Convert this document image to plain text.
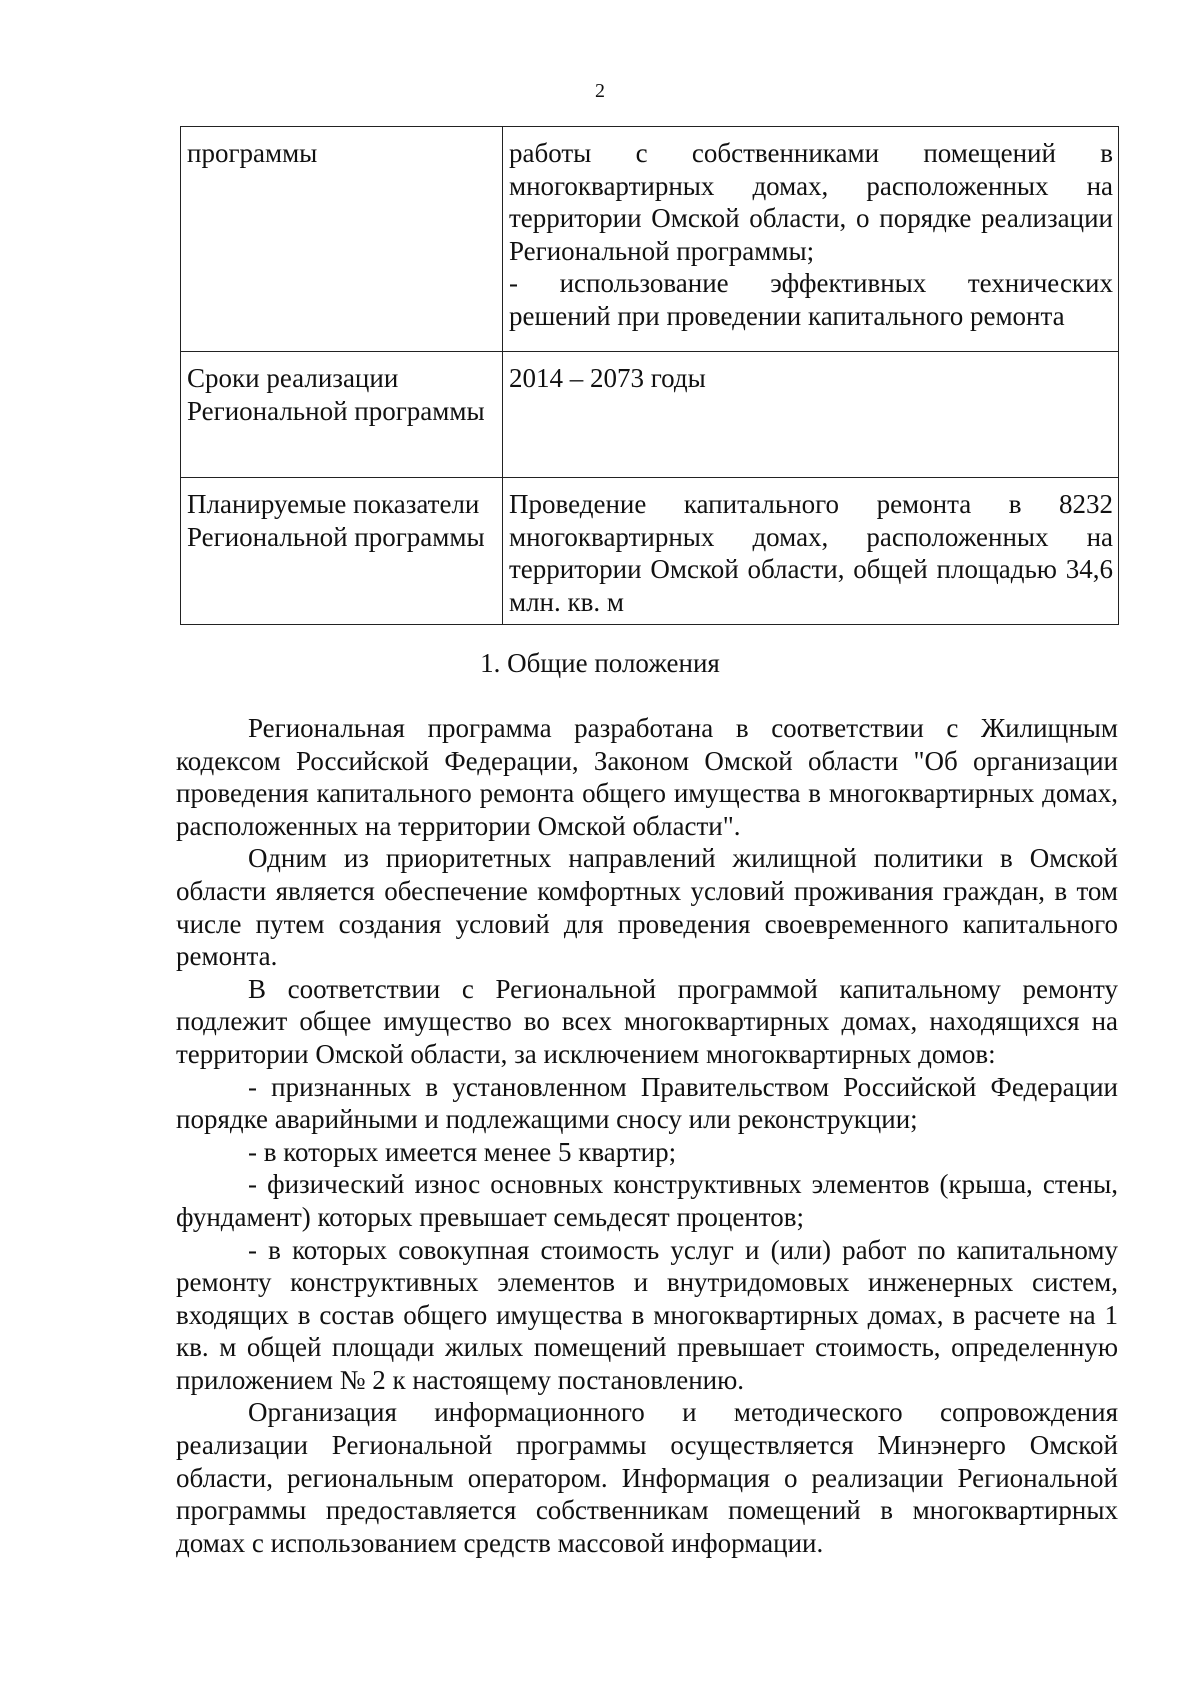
2
программы	работы с собственниками помещений в многоквартирных домах, расположенных на территории Омской области, о порядке реализации Региональной программы;

- использование эффективных технических решений при проведении капитального ремонта

Сроки реализации Региональной программы	2014 – 2073 годы

Планируемые показатели Региональной программы	Проведение капитального ремонта в 8232 многоквартирных домах, расположенных на территории Омской области, общей площадью 34,6 млн. кв. м

1. Общие положения

Региональная программа разработана в соответствии с Жилищным кодексом Российской Федерации, Законом Омской области "Об организации проведения капитального ремонта общего имущества в многоквартирных домах, расположенных на территории Омской области".

Одним из приоритетных направлений жилищной политики в Омской области является обеспечение комфортных условий проживания граждан, в том числе путем создания условий для проведения своевременного капитального ремонта.

В соответствии с Региональной программой капитальному ремонту подлежит общее имущество во всех многоквартирных домах, находящихся на территории Омской области, за исключением многоквартирных домов:

- признанных в установленном Правительством Российской Федерации порядке аварийными и подлежащими сносу или реконструкции;

- в которых имеется менее 5 квартир;

- физический износ основных конструктивных элементов (крыша, стены, фундамент) которых превышает семьдесят процентов;

- в которых совокупная стоимость услуг и (или) работ по капитальному ремонту конструктивных элементов и внутридомовых инженерных систем, входящих в состав общего имущества в многоквартирных домах, в расчете на 1 кв. м общей площади жилых помещений превышает стоимость, определенную приложением № 2 к настоящему постановлению.

Организация информационного и методического сопровождения реализации Региональной программы осуществляется Минэнерго Омской области, региональным оператором. Информация о реализации Региональной программы предоставляется собственникам помещений в многоквартирных домах с использованием средств массовой информации.
